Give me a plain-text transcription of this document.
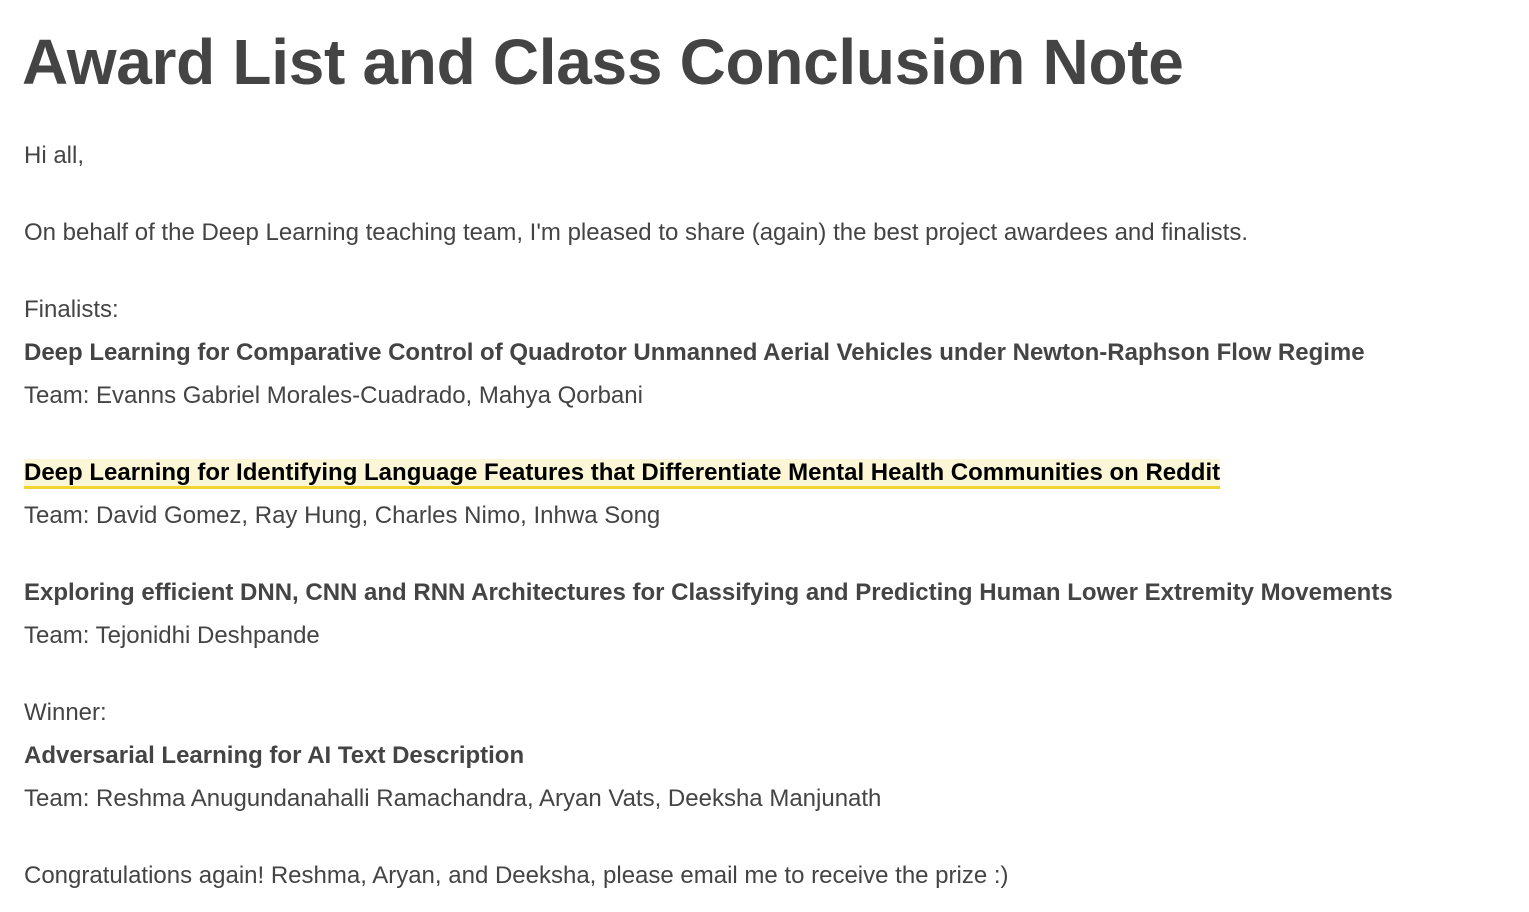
Award List and Class Conclusion Note
Hi all,
On behalf of the Deep Learning teaching team, I'm pleased to share (again) the best project awardees and finalists.
Finalists:
Deep Learning for Comparative Control of Quadrotor Unmanned Aerial Vehicles under Newton-Raphson Flow Regime
Team: Evanns Gabriel Morales-Cuadrado, Mahya Qorbani
Deep Learning for Identifying Language Features that Differentiate Mental Health Communities on Reddit
Team: David Gomez, Ray Hung, Charles Nimo, Inhwa Song
Exploring efficient DNN, CNN and RNN Architectures for Classifying and Predicting Human Lower Extremity Movements
Team: Tejonidhi Deshpande
Winner:
Adversarial Learning for AI Text Description
Team: Reshma Anugundanahalli Ramachandra, Aryan Vats, Deeksha Manjunath
Congratulations again! Reshma, Aryan, and Deeksha, please email me to receive the prize :)
